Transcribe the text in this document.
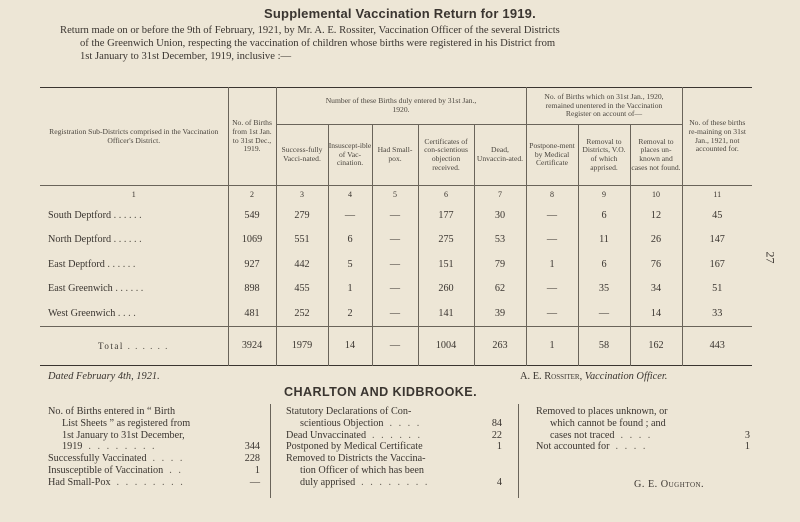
Supplemental Vaccination Return for 1919.

Return made on or before the 9th of February, 1921, by Mr. A. E. Rossiter, Vaccination Officer of the several Districts

of the Greenwich Union, respecting the vaccination of children whose births were registered in his District from

1st January to 31st December, 1919, inclusive :—

27
Registration Sub-Districts comprised in the Vaccination Officer's District.	No. of Births from 1st Jan. to 31st Dec., 1919.	Number of these Births duly entered by 31st Jan., 1920.					No. of Births which on 31st Jan., 1920, remained unentered in the Vaccination Register on account of—			No. of these births re-maining on 31st Jan., 1921, not accounted for.
		Success-fully Vacci-nated.	Insuscept-ible of Vac-cination.	Had Small-pox.	Certificates of con-scientious objection received.	Dead, Unvaccin-ated.	Postpone-ment by Medical Certificate	Removal to Districts, V.O. of which apprised.	Removal to places un-known and cases not found.	
1	2	3	4	5	6	7	8	9	10	11
South Deptford . . . . . .	549	279	—	—	177	30	—	6	12	45
North Deptford . . . . . .	1069	551	6	—	275	53	—	11	26	147
East Deptford . . . . . .	927	442	5	—	151	79	1	6	76	167
East Greenwich . . . . . .	898	455	1	—	260	62	—	35	34	51
West Greenwich . . . .	481	252	2	—	141	39	—	—	14	33
Total . . . . . .	3924	1979	14	—	1004	263	1	58	162	443
Dated February 4th, 1921.	A. E. Rossiter, Vaccination Officer.
CHARLTON AND KIDBROOKE.
No. of Births entered in “ Birth
List Sheets ” as registered from
1st January to 31st December,
1919 . . . . . . . .	344
Successfully Vaccinated . . . .	228
Insusceptible of Vaccination . .	1
Had Small-Pox . . . . . . . .	—
Statutory Declarations of Con-
scientious Objection . . . .	84
Dead Unvaccinated . . . . . .	22
Postponed by Medical Certificate	1
Removed to Districts the Vaccina-
tion Officer of which has been
duly apprised . . . . . . . .	4
Removed to places unknown, or
which cannot be found ; and
cases not traced . . . .	3
Not accounted for . . . .	1
G. E. Oughton.
